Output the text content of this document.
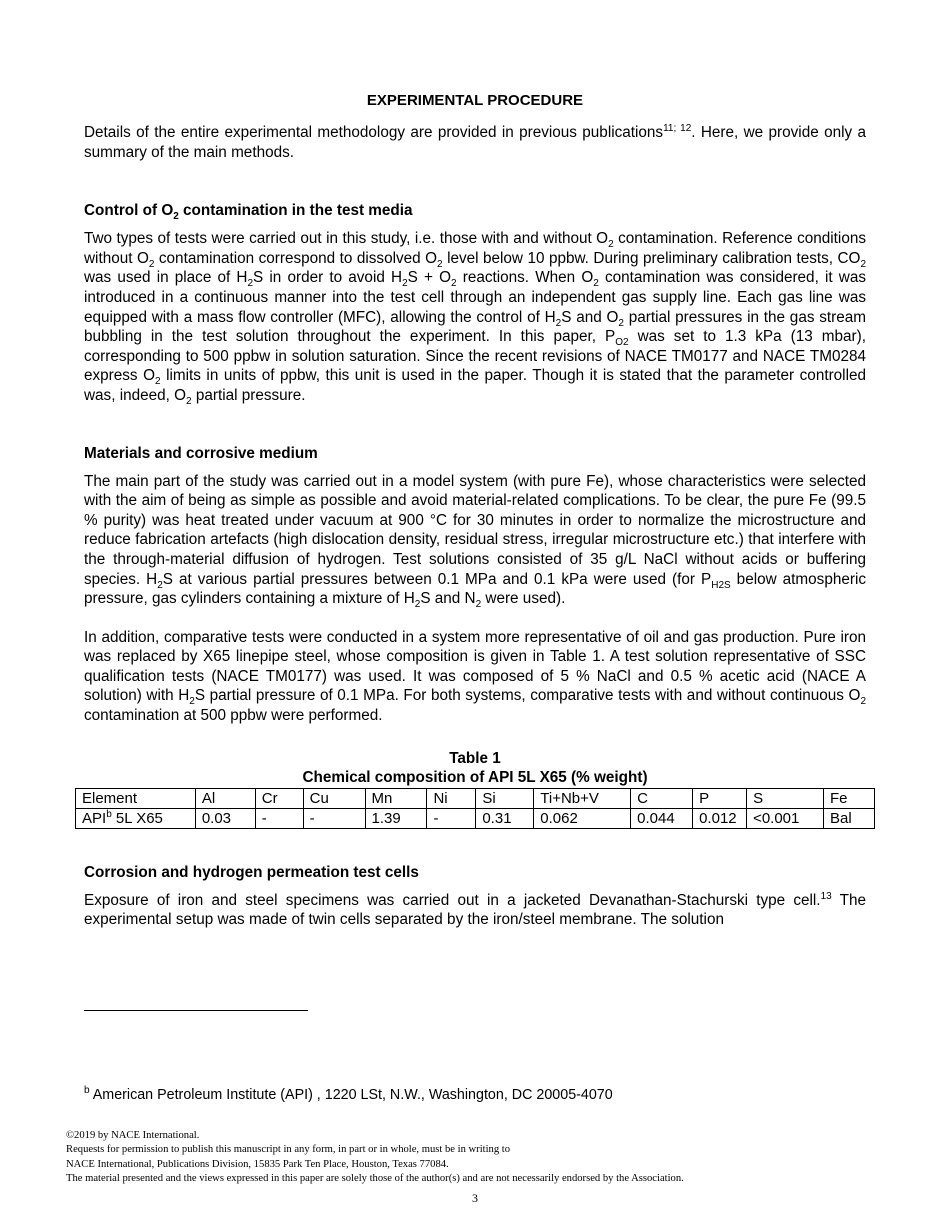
EXPERIMENTAL PROCEDURE

Details of the entire experimental methodology are provided in previous publications$^{11; 12}$. Here, we provide only a summary of the main methods.

Control of $O_2$ contamination in the test media

Two types of tests were carried out in this study, i.e. those with and without $O_2$ contamination. Reference conditions without $O_2$ contamination correspond to dissolved $O_2$ level below 10 ppbw. During preliminary calibration tests, $CO_2$ was used in place of $H_2S$ in order to avoid $H_2S + O_2$ reactions. When $O_2$ contamination was considered, it was introduced in a continuous manner into the test cell through an independent gas supply line. Each gas line was equipped with a mass flow controller (MFC), allowing the control of $H_2S$ and $O_2$ partial pressures in the gas stream bubbling in the test solution throughout the experiment. In this paper, $P_{O2}$ was set to 1.3 kPa (13 mbar), corresponding to 500 ppbw in solution saturation. Since the recent revisions of NACE TM0177 and NACE TM0284 express $O_2$ limits in units of ppbw, this unit is used in the paper. Though it is stated that the parameter controlled was, indeed, $O_2$ partial pressure.

Materials and corrosive medium

The main part of the study was carried out in a model system (with pure Fe), whose characteristics were selected with the aim of being as simple as possible and avoid material-related complications. To be clear, the pure Fe (99.5 % purity) was heat treated under vacuum at 900 °C for 30 minutes in order to normalize the microstructure and reduce fabrication artefacts (high dislocation density, residual stress, irregular microstructure etc.) that interfere with the through-material diffusion of hydrogen. Test solutions consisted of 35 g/L NaCl without acids or buffering species. $H_2S$ at various partial pressures between 0.1 MPa and 0.1 kPa were used (for $P_{H2S}$ below atmospheric pressure, gas cylinders containing a mixture of $H_2S$ and $N_2$ were used).

In addition, comparative tests were conducted in a system more representative of oil and gas production. Pure iron was replaced by X65 linepipe steel, whose composition is given in Table 1. A test solution representative of SSC qualification tests (NACE TM0177) was used. It was composed of 5 % NaCl and 0.5 % acetic acid (NACE A solution) with $H_2S$ partial pressure of 0.1 MPa. For both systems, comparative tests with and without continuous $O_2$ contamination at 500 ppbw were performed.

Table 1
Chemical composition of API 5L X65 (% weight)
Element	Al	Cr	Cu	Mn	Ni	Si	Ti+Nb+V	C	P	S	Fe
API$^b$ 5L X65	0.03	-	-	1.39	-	0.31	0.062	0.044	0.012	<0.001	Bal
Corrosion and hydrogen permeation test cells

Exposure of iron and steel specimens was carried out in a jacketed Devanathan-Stachurski type cell.$^{13}$ The experimental setup was made of twin cells separated by the iron/steel membrane. The solution

$^b$ American Petroleum Institute (API) , 1220 LSt, N.W., Washington, DC 20005-4070
©2019 by NACE International.
Requests for permission to publish this manuscript in any form, in part or in whole, must be in writing to
NACE International, Publications Division, 15835 Park Ten Place, Houston, Texas 77084.
The material presented and the views expressed in this paper are solely those of the author(s) and are not necessarily endorsed by the Association.
3
